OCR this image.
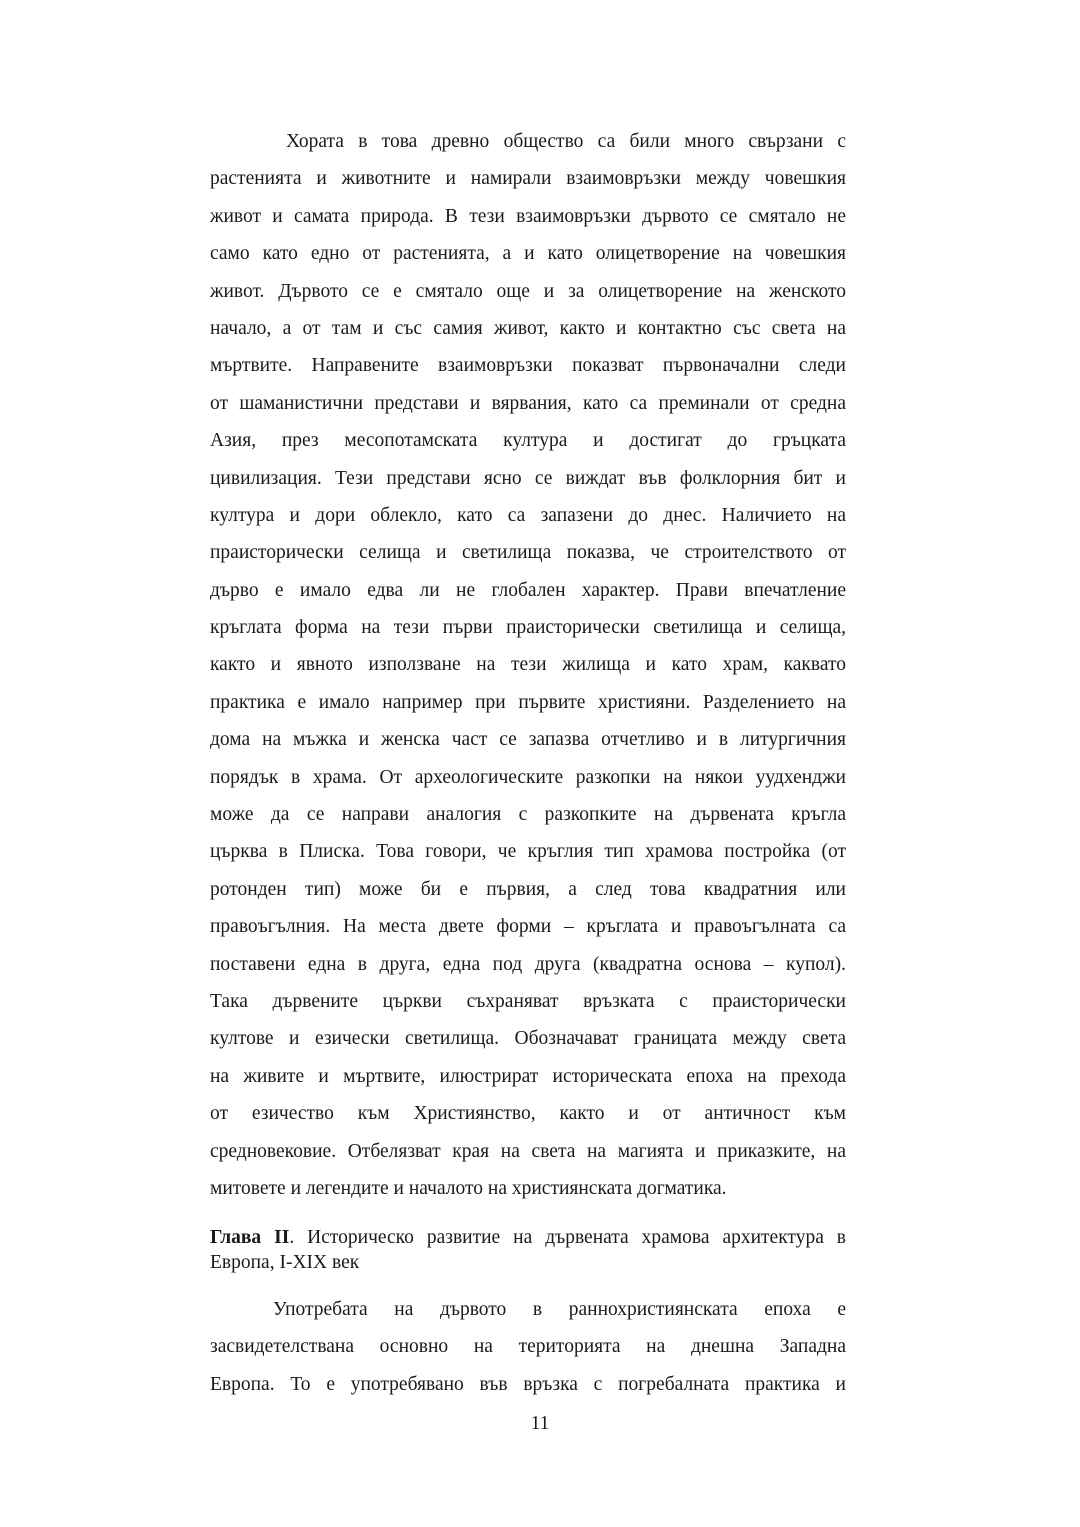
Хората в това древно общество са били много свързани с
растенията и животните и намирали взаимовръзки между човешкия
живот и самата природа. В тези взаимовръзки дървото се смятало не
само като едно от растенията, а и като олицетворение на човешкия
живот. Дървото се е смятало още и за олицетворение на женското
начало, а от там и със самия живот, както и контактно със света на
мъртвите. Направените взаимовръзки показват първоначални следи
от шаманистични представи и вярвания, като са преминали от средна
Азия, през месопотамската култура и достигат до гръцката
цивилизация. Тези представи ясно се виждат във фолклорния бит и
култура и дори облекло, като са запазени до днес. Наличието на
праисторически селища и светилища показва, че строителството от
дърво е имало едва ли не глобален характер. Прави впечатление
кръглата форма на тези първи праисторически светилища и селища,
както и явното използване на тези жилища и като храм, каквато
практика е имало например при първите християни. Разделението на
дома на мъжка и женска част се запазва отчетливо и в литургичния
порядък в храма. От археологическите разкопки на някои уудхенджи
може да се направи аналогия с разкопките на дървената кръгла
църква в Плиска. Това говори, че кръглия тип храмова постройка (от
ротонден тип) може би е първия, а след това квадратния или
правоъгълния. На места двете форми – кръглата и правоъгълната са
поставени една в друга, една под друга (квадратна основа – купол).
Така дървените църкви съхраняват връзката с праисторически
култове и езически светилища. Обозначават границата между света
на живите и мъртвите, илюстрират историческата епоха на прехода
от езичество към Християнство, както и от античност към
средновековие. Отбелязват края на света на магията и приказките, на
митовете и легендите и началото на християнската догматика.
Глава II. Историческо развитие на дървената храмова архитектура в
Европа, I-XIX век
Употребата на дървото в раннохристиянската епоха е
засвидетелствана основно на територията на днешна Западна
Европа. То е употребявано във връзка с погребалната практика и
11
